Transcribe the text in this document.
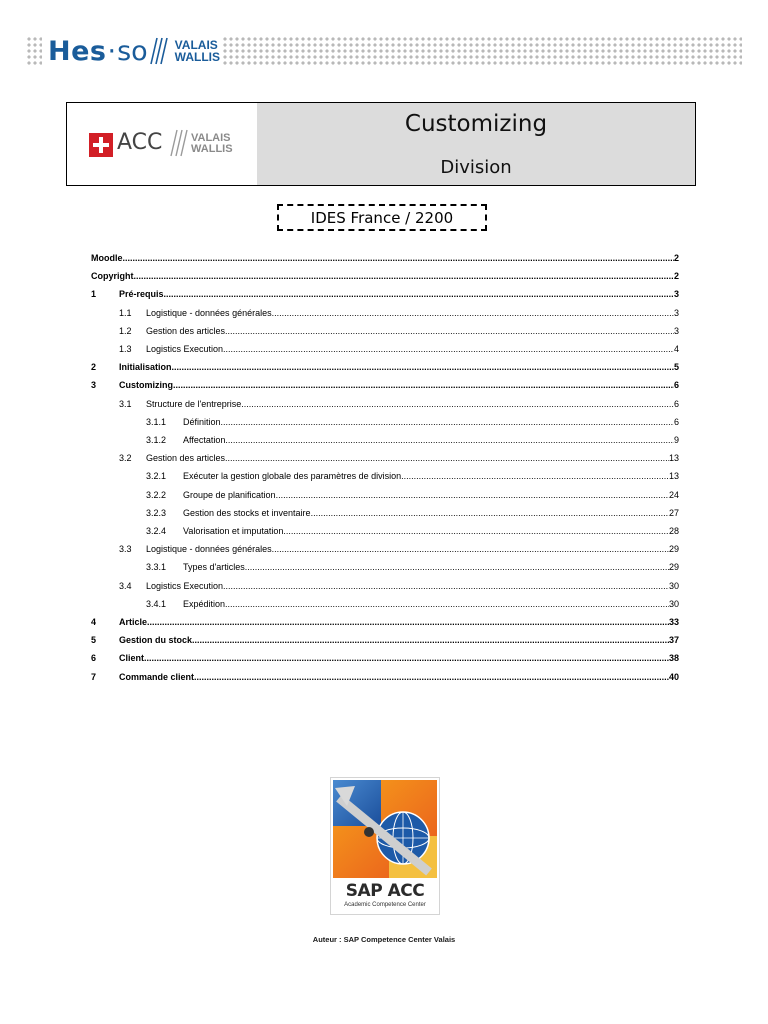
Hes · so VALAIS
WALLIS
ACC	VALAIS
WALLIS
Customizing
Division
IDES France / 2200
Moodle .....	2
Copyright .....	2
1	Pré-requis .....	3
1.1 Logistique - données générales .....	3
1.2 Gestion des articles .....	3
1.3 Logistics Execution .....	4
2	Initialisation .....	5
3	Customizing .....	6
3.1 Structure de l'entreprise .....	6
3.1.1 Définition .....	6
3.1.2 Affectation .....	9
3.2 Gestion des articles .....	13
3.2.1 Exécuter la gestion globale des paramètres de division .....	13
3.2.2 Groupe de planification .....	24
3.2.3 Gestion des stocks et inventaire .....	27
3.2.4 Valorisation et imputation .....	28
3.3 Logistique - données générales .....	29
3.3.1 Types d'articles .....	29
3.4 Logistics Execution .....	30
3.4.1 Expédition .....	30
4	Article .....	33
5	Gestion du stock .....	37
6	Client .....	38
7	Commande client .....	40
SAP ACC
Academic Competence Center
Auteur : SAP Competence Center Valais
